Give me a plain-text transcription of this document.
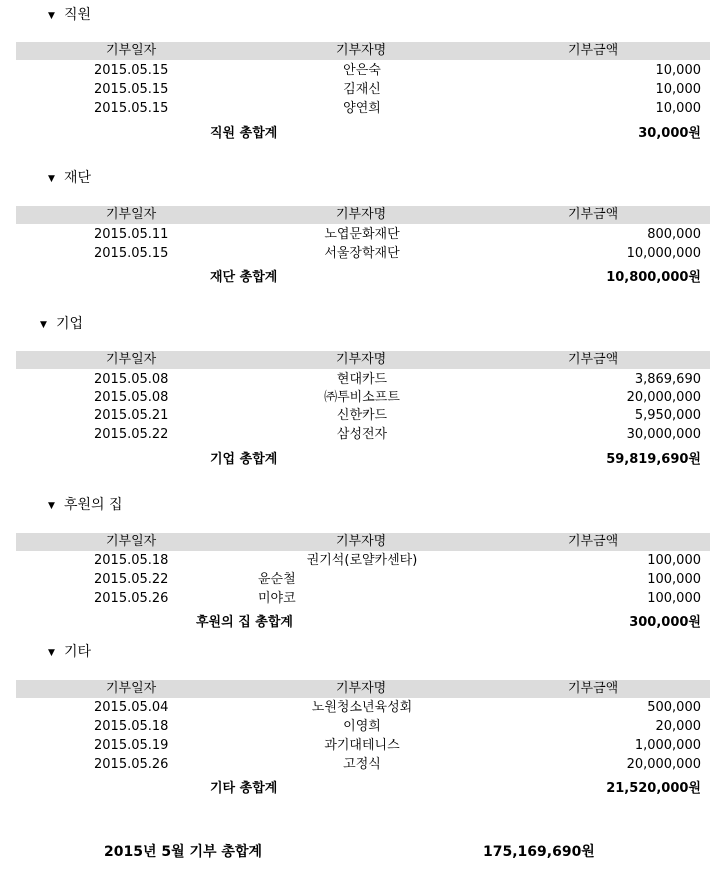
▼ 직원
기부일자	기부자명	기부금액
2015.05.15	안은숙	10,000
2015.05.15	김재신	10,000
2015.05.15	양연희	10,000
직원 총합계	30,000원
▼ 재단
기부일자	기부자명	기부금액
2015.05.11	노엽문화재단	800,000
2015.05.15	서울장학재단	10,000,000
재단 총합계	10,800,000원
▼ 기업
기부일자	기부자명	기부금액
2015.05.08	현대카드	3,869,690
2015.05.08	㈜투비소프트	20,000,000
2015.05.21	신한카드	5,950,000
2015.05.22	삼성전자	30,000,000
기업 총합계	59,819,690원
▼ 후원의 집
기부일자	기부자명	기부금액
2015.05.18	권기석(로얄카센타)	100,000
2015.05.22	윤순철	100,000
2015.05.26	미야코	100,000
후원의 집 총합계	300,000원
▼ 기타
기부일자	기부자명	기부금액
2015.05.04	노원청소년육성회	500,000
2015.05.18	이영희	20,000
2015.05.19	과기대테니스	1,000,000
2015.05.26	고정식	20,000,000
기타 총합계	21,520,000원
2015년 5월 기부 총합계	175,169,690원
